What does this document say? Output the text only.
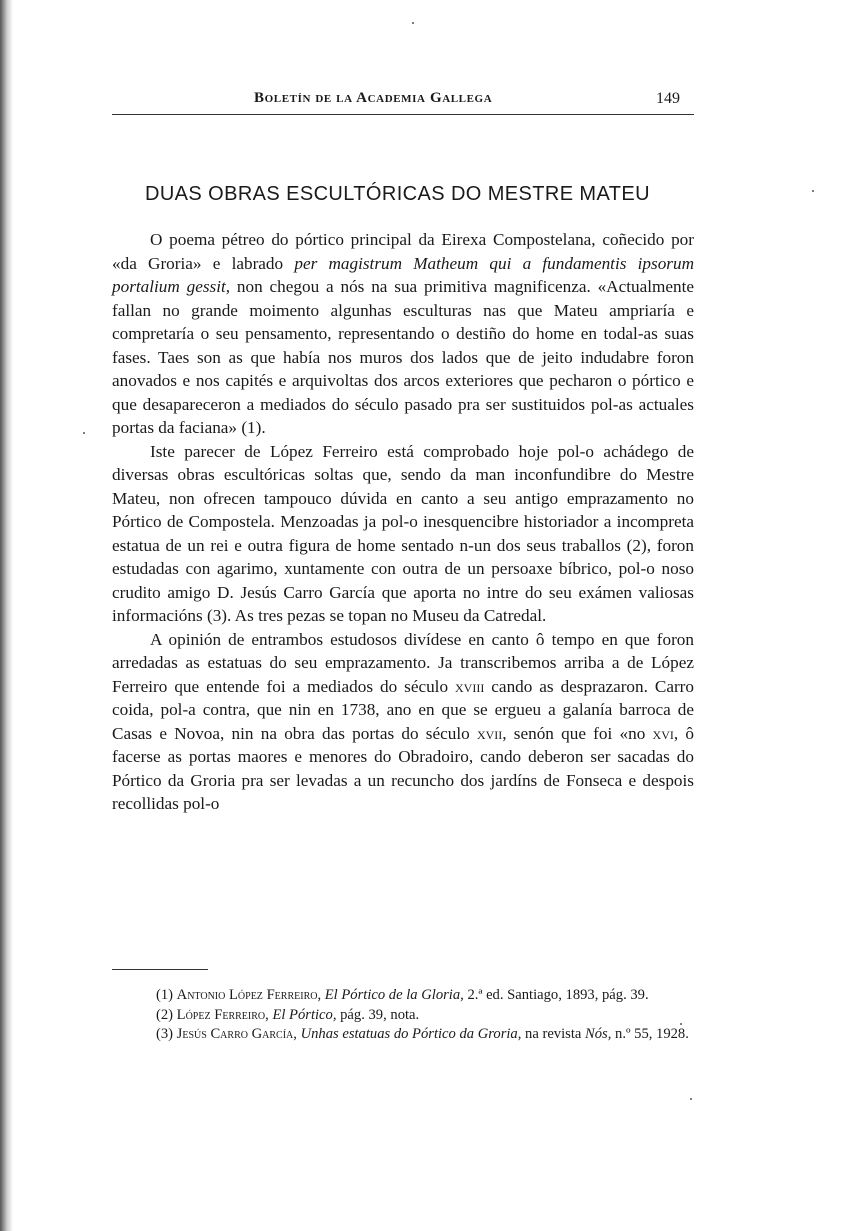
Boletín de la Academia Gallega	149
DUAS OBRAS ESCULTÓRICAS DO MESTRE MATEU

O poema pétreo do pórtico principal da Eirexa Compostelana, coñecido por «da Groria» e labrado per magistrum Matheum qui a fundamentis ipsorum portalium gessit, non chegou a nós na sua primitiva magnificenza. «Actualmente fallan no grande moimento algunhas esculturas nas que Mateu ampriaría e compretaría o seu pensamento, representando o destiño do home en todal-as suas fases. Taes son as que había nos muros dos lados que de jeito indudabre foron anovados e nos capités e arquivoltas dos arcos exteriores que pecharon o pórtico e que desapareceron a mediados do século pasado pra ser sustituidos pol-as actuales portas da faciana» (1).

Iste parecer de López Ferreiro está comprobado hoje pol-o achádego de diversas obras escultóricas soltas que, sendo da man inconfundibre do Mestre Mateu, non ofrecen tampouco dúvida en canto a seu antigo emprazamento no Pórtico de Compostela. Menzoadas ja pol-o inesquencibre historiador a incompreta estatua de un rei e outra figura de home sentado n-un dos seus traballos (2), foron estudadas con agarimo, xuntamente con outra de un persoaxe bíbrico, pol-o noso crudito amigo D. Jesús Carro García que aporta no intre do seu exámen valiosas informacións (3). As tres pezas se topan no Museu da Catredal.

A opinión de entrambos estudosos divídese en canto ô tempo en que foron arredadas as estatuas do seu emprazamento. Ja transcribemos arriba a de López Ferreiro que entende foi a mediados do século xviii cando as desprazaron. Carro coida, pol-a contra, que nin en 1738, ano en que se ergueu a galanía barroca de Casas e Novoa, nin na obra das portas do século xvii, senón que foi «no xvi, ô facerse as portas maores e menores do Obradoiro, cando deberon ser sacadas do Pórtico da Groria pra ser levadas a un recuncho dos jardíns de Fonseca e despois recollidas pol-o

(1) Antonio López Ferreiro, El Pórtico de la Gloria, 2.ª ed. Santiago, 1893, pág. 39.

(2) López Ferreiro, El Pórtico, pág. 39, nota.

(3) Jesús Carro García, Unhas estatuas do Pórtico da Groria, na revista Nós, n.º 55, 1928.
